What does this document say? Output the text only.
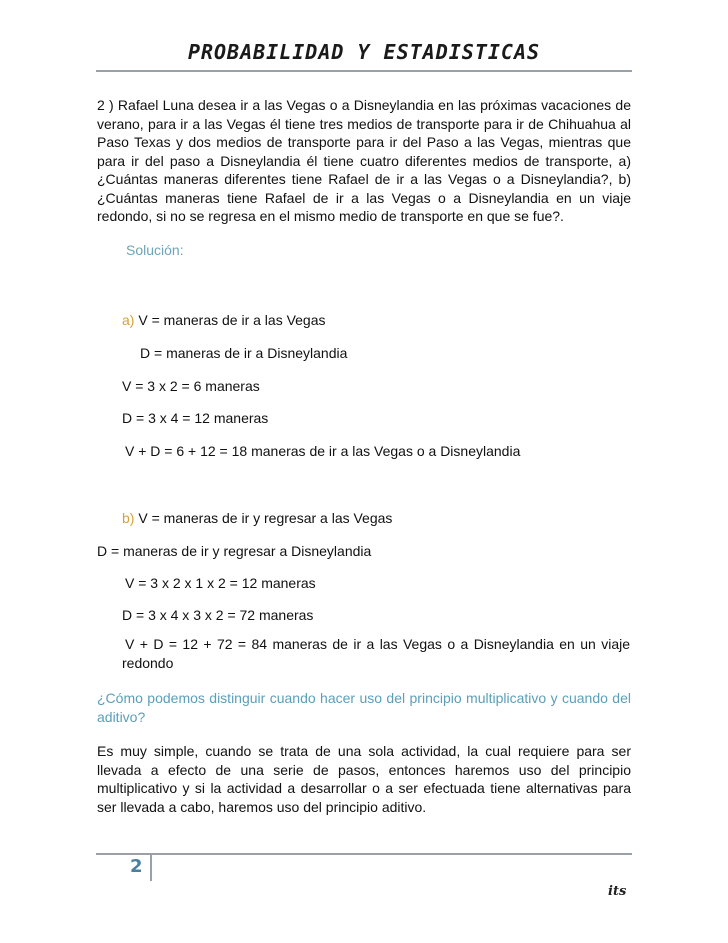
PROBABILIDAD Y ESTADISTICAS

2 ) Rafael Luna desea ir a las Vegas o a Disneylandia en las próximas vacaciones de verano, para ir a las Vegas él tiene tres medios de transporte para ir de Chihuahua al Paso Texas y dos medios de transporte para ir del Paso a las Vegas, mientras que para ir del paso a Disneylandia él tiene cuatro diferentes medios de transporte, a) ¿Cuántas maneras diferentes tiene Rafael de ir a las Vegas o a Disneylandia?, b) ¿Cuántas maneras tiene Rafael de ir a las Vegas o a Disneylandia en un viaje redondo, si no se regresa en el mismo medio de transporte en que se fue?.

Solución:
a) V = maneras de ir a las Vegas
D = maneras de ir a Disneylandia
V = 3 x 2 = 6 maneras
D = 3 x 4 = 12 maneras
V + D = 6 + 12 = 18 maneras de ir a las Vegas o a Disneylandia
b) V = maneras de ir y regresar a las Vegas
D = maneras de ir y regresar a Disneylandia
V = 3 x 2 x 1 x 2 = 12 maneras
D = 3 x 4 x 3 x 2 = 72 maneras

V + D = 12 + 72 = 84 maneras de ir a las Vegas o a Disneylandia en un viaje redondo

¿Cómo podemos distinguir cuando hacer uso del principio multiplicativo y cuando del aditivo?

Es muy simple, cuando se trata de una sola actividad, la cual requiere para ser llevada a efecto de una serie de pasos, entonces haremos uso del principio multiplicativo y si la actividad a desarrollar o a ser efectuada tiene alternativas para ser llevada a cabo, haremos uso del principio aditivo.

2
its
